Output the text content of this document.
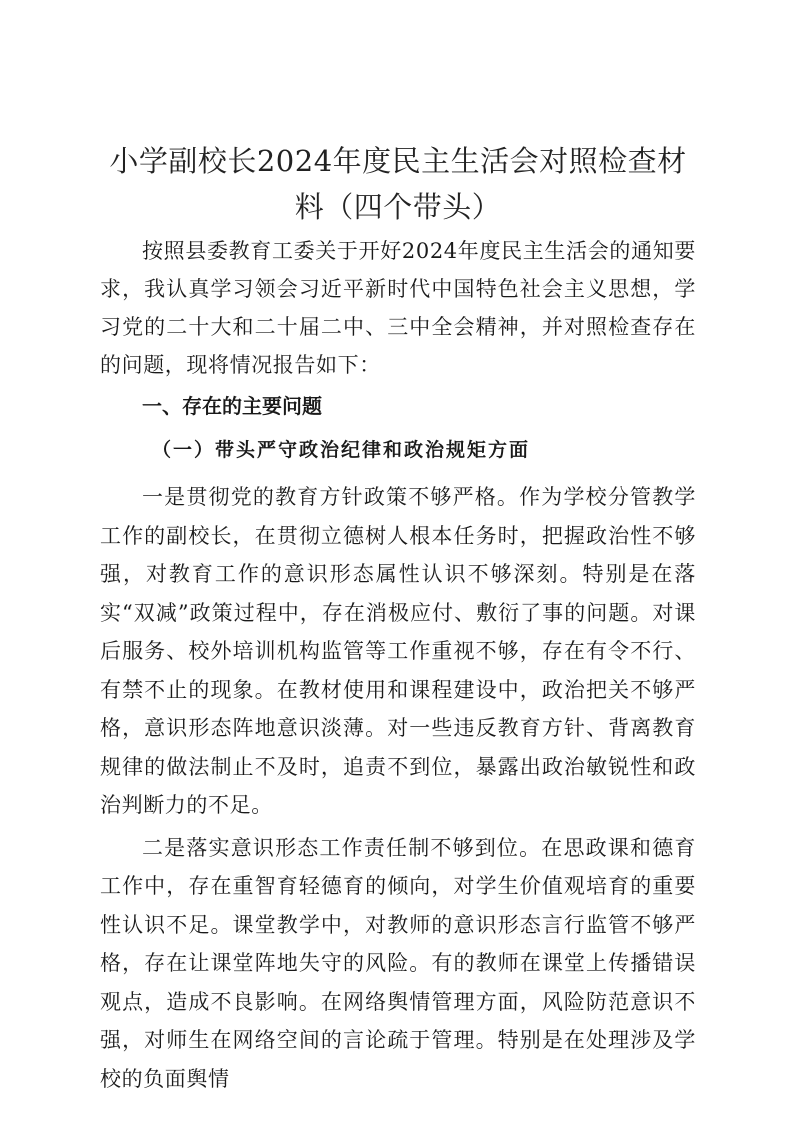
小学副校长2024年度民主生活会对照检查材料（四个带头）

按照县委教育工委关于开好2024年度民主生活会的通知要求，我认真学习领会习近平新时代中国特色社会主义思想，学习党的二十大和二十届二中、三中全会精神，并对照检查存在的问题，现将情况报告如下：

一、存在的主要问题
（一）带头严守政治纪律和政治规矩方面

一是贯彻党的教育方针政策不够严格。作为学校分管教学工作的副校长，在贯彻立德树人根本任务时，把握政治性不够强，对教育工作的意识形态属性认识不够深刻。特别是在落实“双减”政策过程中，存在消极应付、敷衍了事的问题。对课后服务、校外培训机构监管等工作重视不够，存在有令不行、有禁不止的现象。在教材使用和课程建设中，政治把关不够严格，意识形态阵地意识淡薄。对一些违反教育方针、背离教育规律的做法制止不及时，追责不到位，暴露出政治敏锐性和政治判断力的不足。

二是落实意识形态工作责任制不够到位。在思政课和德育工作中，存在重智育轻德育的倾向，对学生价值观培育的重要性认识不足。课堂教学中，对教师的意识形态言行监管不够严格，存在让课堂阵地失守的风险。有的教师在课堂上传播错误观点，造成不良影响。在网络舆情管理方面，风险防范意识不强，对师生在网络空间的言论疏于管理。特别是在处理涉及学校的负面舆情
